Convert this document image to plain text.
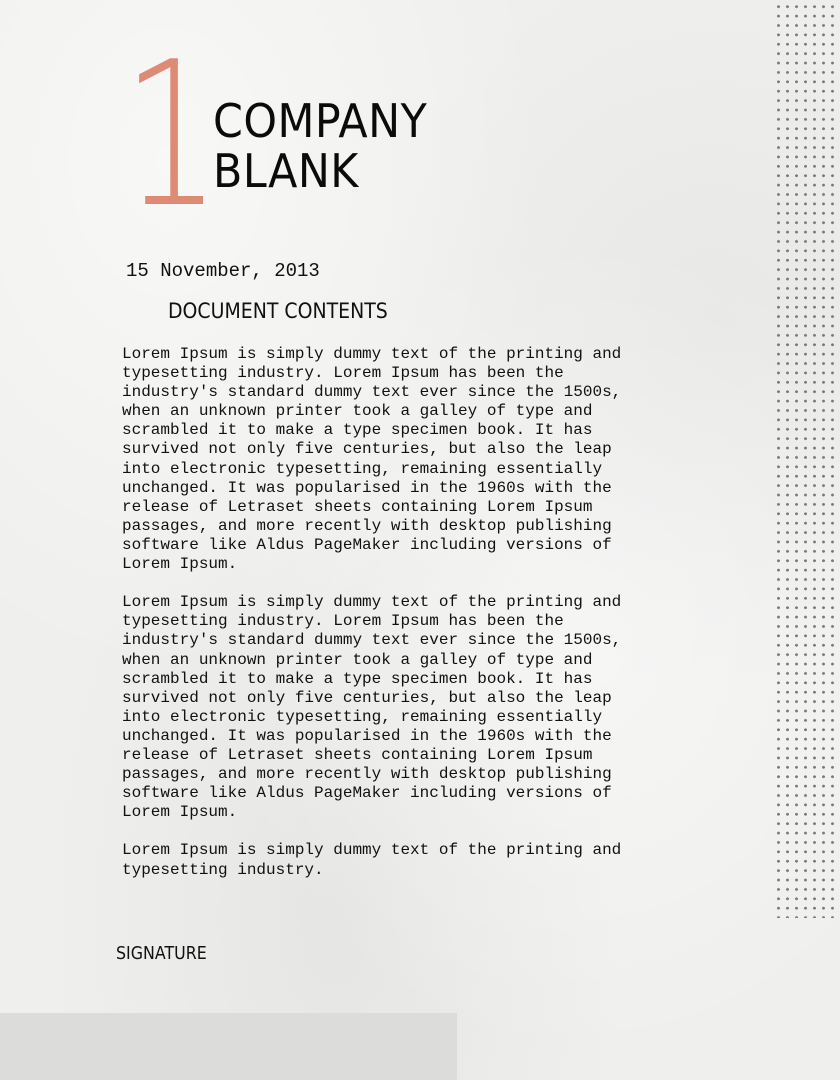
1
COMPANY
BLANK
15 November, 2013
DOCUMENT CONTENTS

Lorem Ipsum is simply dummy text of the printing and
typesetting industry. Lorem Ipsum has been the
industry's standard dummy text ever since the 1500s,
when an unknown printer took a galley of type and
scrambled it to make a type specimen book. It has
survived not only five centuries, but also the leap
into electronic typesetting, remaining essentially
unchanged. It was popularised in the 1960s with the
release of Letraset sheets containing Lorem Ipsum
passages, and more recently with desktop publishing
software like Aldus PageMaker including versions of
Lorem Ipsum.

Lorem Ipsum is simply dummy text of the printing and
typesetting industry. Lorem Ipsum has been the
industry's standard dummy text ever since the 1500s,
when an unknown printer took a galley of type and
scrambled it to make a type specimen book. It has
survived not only five centuries, but also the leap
into electronic typesetting, remaining essentially
unchanged. It was popularised in the 1960s with the
release of Letraset sheets containing Lorem Ipsum
passages, and more recently with desktop publishing
software like Aldus PageMaker including versions of
Lorem Ipsum.

Lorem Ipsum is simply dummy text of the printing and
typesetting industry.

SIGNATURE
